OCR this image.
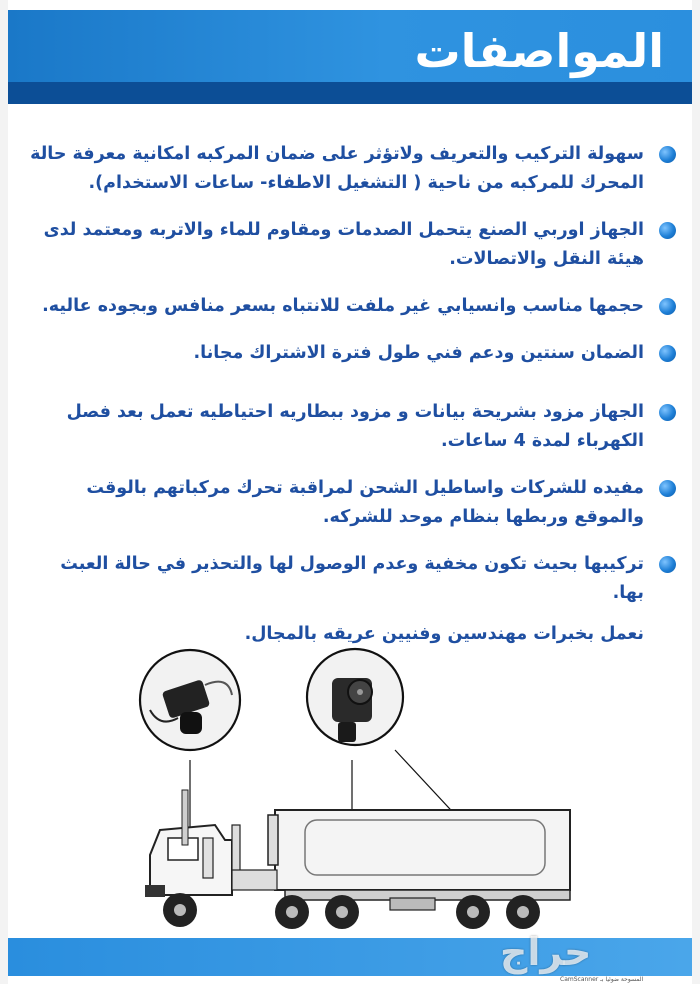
المواصفات
سهولة التركيب والتعريف ولاتؤثر على ضمان المركبه امكانية معرفة حالة المحرك للمركبه من ناحية ( التشغيل الاطفاء- ساعات الاستخدام).
الجهاز اوربي الصنع يتحمل الصدمات ومقاوم للماء والاتربه ومعتمد لدى هيئة النقل والاتصالات.
حجمها مناسب وانسيابي غير ملفت للانتباه بسعر منافس وبجوده عاليه.
الضمان سنتين ودعم فني طول فترة الاشتراك مجانا.
الجهاز مزود بشريحة بيانات و مزود ببطاريه احتياطيه تعمل بعد فصل الكهرباء لمدة 4 ساعات.
مفيده للشركات واساطيل الشحن لمراقبة تحرك مركباتهم بالوقت والموقع وربطها بنظام موحد للشركه.
تركيبها بحيث تكون مخفية وعدم الوصول لها والتحذير في حالة العبث بها.
نعمل بخبرات مهندسين وفنيين عريقه بالمجال.
حراج
CamScanner المسوحة ضوئيا بـ
